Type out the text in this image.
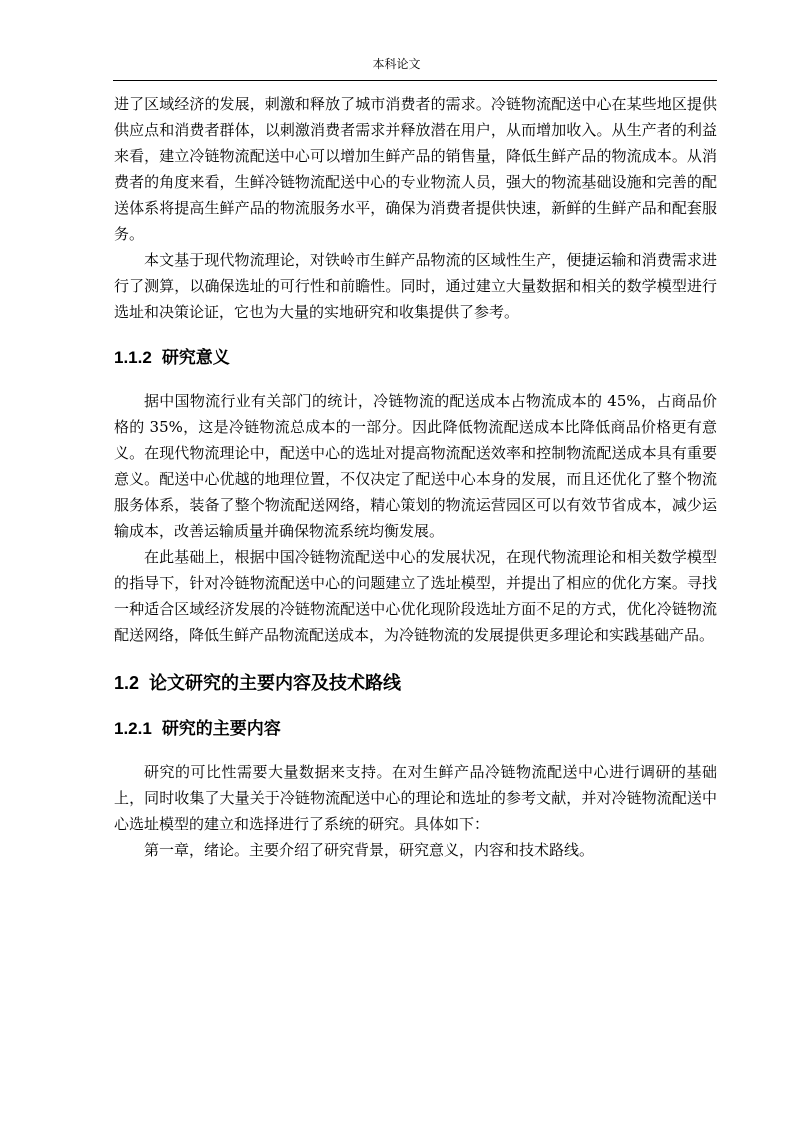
本科论文

进了区域经济的发展，刺激和释放了城市消费者的需求。冷链物流配送中心在某些地区提供供应点和消费者群体，以刺激消费者需求并释放潜在用户，从而增加收入。从生产者的利益来看，建立冷链物流配送中心可以增加生鲜产品的销售量，降低生鲜产品的物流成本。从消费者的角度来看，生鲜冷链物流配送中心的专业物流人员，强大的物流基础设施和完善的配送体系将提高生鲜产品的物流服务水平，确保为消费者提供快速，新鲜的生鲜产品和配套服务。

本文基于现代物流理论，对铁岭市生鲜产品物流的区域性生产，便捷运输和消费需求进行了测算，以确保选址的可行性和前瞻性。同时，通过建立大量数据和相关的数学模型进行选址和决策论证，它也为大量的实地研究和收集提供了参考。

1.1.2 研究意义

据中国物流行业有关部门的统计，冷链物流的配送成本占物流成本的 45%，占商品价格的 35%，这是冷链物流总成本的一部分。因此降低物流配送成本比降低商品价格更有意义。在现代物流理论中，配送中心的选址对提高物流配送效率和控制物流配送成本具有重要意义。配送中心优越的地理位置，不仅决定了配送中心本身的发展，而且还优化了整个物流服务体系，装备了整个物流配送网络，精心策划的物流运营园区可以有效节省成本，减少运输成本，改善运输质量并确保物流系统均衡发展。

在此基础上，根据中国冷链物流配送中心的发展状况，在现代物流理论和相关数学模型的指导下，针对冷链物流配送中心的问题建立了选址模型，并提出了相应的优化方案。寻找一种适合区域经济发展的冷链物流配送中心优化现阶段选址方面不足的方式，优化冷链物流配送网络，降低生鲜产品物流配送成本，为冷链物流的发展提供更多理论和实践基础产品。

1.2 论文研究的主要内容及技术路线
1.2.1 研究的主要内容

研究的可比性需要大量数据来支持。在对生鲜产品冷链物流配送中心进行调研的基础上，同时收集了大量关于冷链物流配送中心的理论和选址的参考文献，并对冷链物流配送中心选址模型的建立和选择进行了系统的研究。具体如下：

第一章，绪论。主要介绍了研究背景，研究意义，内容和技术路线。
